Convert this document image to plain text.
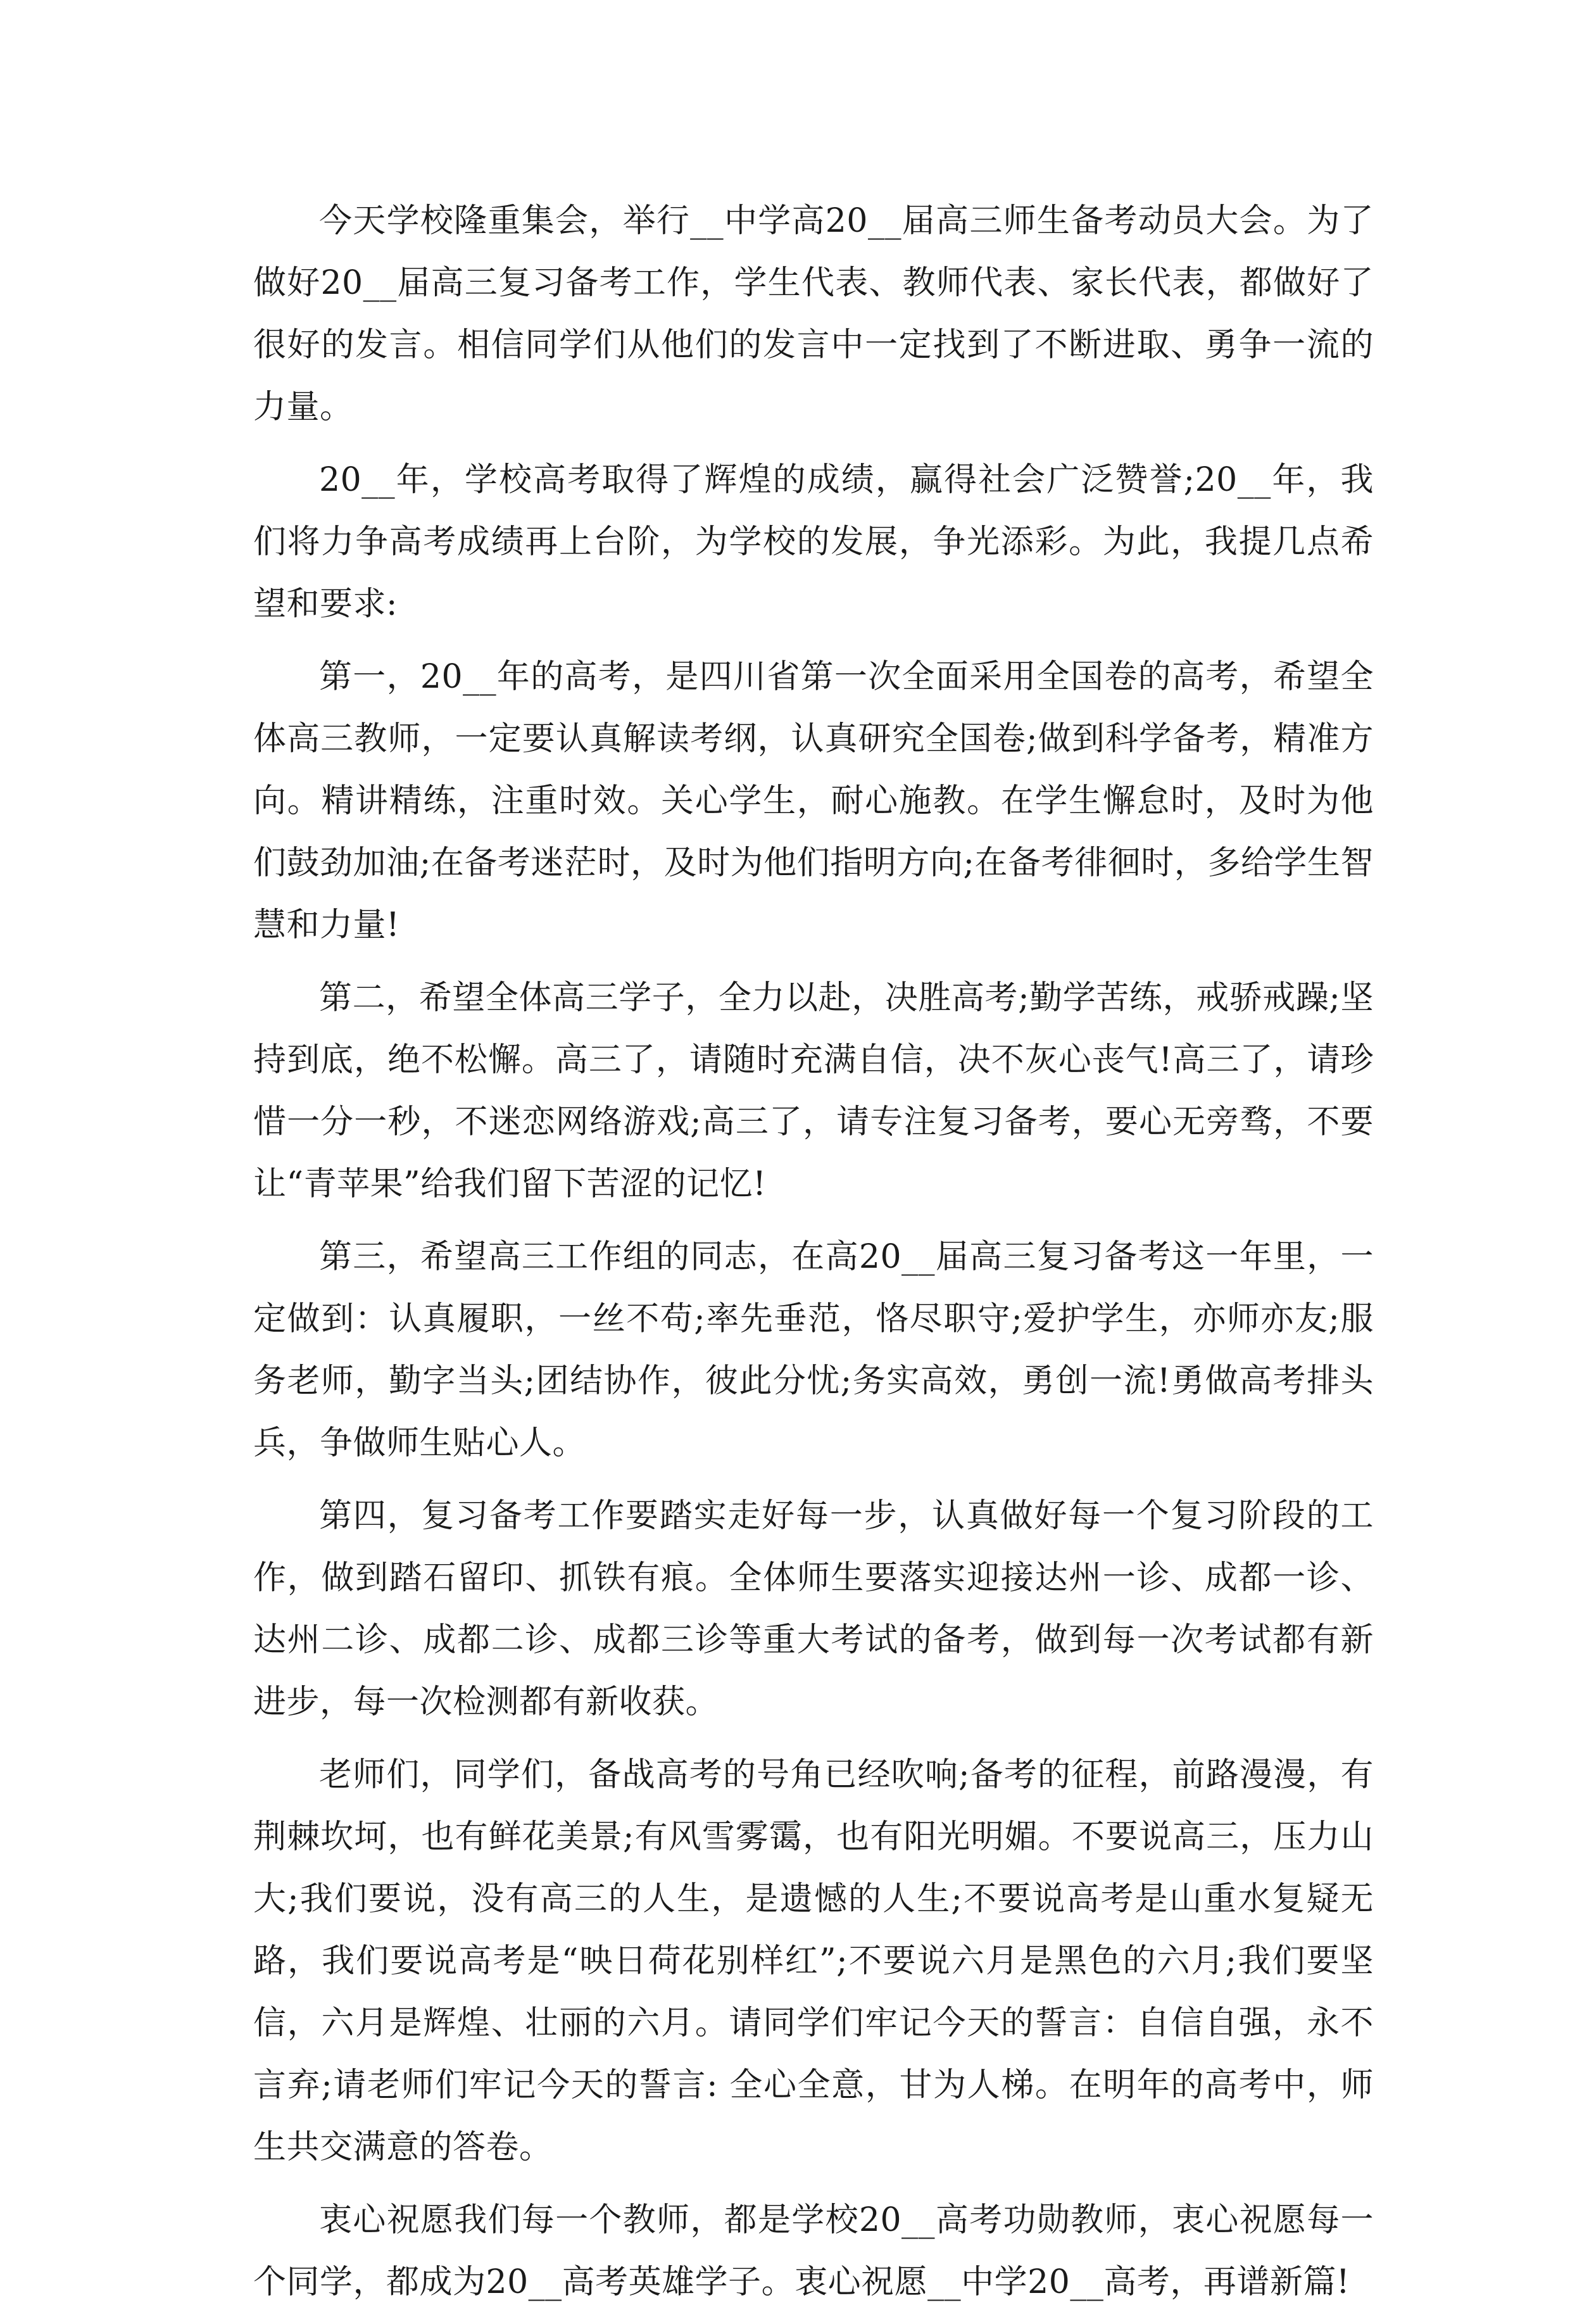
今天学校隆重集会，举行__中学高20__届高三师生备考动员大会。为了做好20__届高三复习备考工作，学生代表、教师代表、家长代表，都做好了很好的发言。相信同学们从他们的发言中一定找到了不断进取、勇争一流的力量。

20__年，学校高考取得了辉煌的成绩，赢得社会广泛赞誉;20__年，我们将力争高考成绩再上台阶，为学校的发展，争光添彩。为此，我提几点希望和要求:

第一，20__年的高考，是四川省第一次全面采用全国卷的高考，希望全体高三教师，一定要认真解读考纲，认真研究全国卷;做到科学备考，精准方向。精讲精练，注重时效。关心学生，耐心施教。在学生懈怠时，及时为他们鼓劲加油;在备考迷茫时，及时为他们指明方向;在备考徘徊时，多给学生智慧和力量!

第二，希望全体高三学子，全力以赴，决胜高考;勤学苦练，戒骄戒躁;坚持到底，绝不松懈。高三了，请随时充满自信，决不灰心丧气!高三了，请珍惜一分一秒，不迷恋网络游戏;高三了，请专注复习备考，要心无旁骛，不要让“青苹果”给我们留下苦涩的记忆!

第三，希望高三工作组的同志，在高20__届高三复习备考这一年里，一定做到：认真履职，一丝不苟;率先垂范，恪尽职守;爱护学生，亦师亦友;服务老师，勤字当头;团结协作，彼此分忧;务实高效，勇创一流!勇做高考排头兵，争做师生贴心人。

第四，复习备考工作要踏实走好每一步，认真做好每一个复习阶段的工作，做到踏石留印、抓铁有痕。全体师生要落实迎接达州一诊、成都一诊、达州二诊、成都二诊、成都三诊等重大考试的备考，做到每一次考试都有新进步，每一次检测都有新收获。

老师们，同学们，备战高考的号角已经吹响;备考的征程，前路漫漫，有荆棘坎坷，也有鲜花美景;有风雪雾霭，也有阳光明媚。不要说高三，压力山大;我们要说，没有高三的人生，是遗憾的人生;不要说高考是山重水复疑无路，我们要说高考是“映日荷花别样红”;不要说六月是黑色的六月;我们要坚信，六月是辉煌、壮丽的六月。请同学们牢记今天的誓言：自信自强，永不言弃;请老师们牢记今天的誓言: 全心全意，甘为人梯。在明年的高考中，师生共交满意的答卷。

衷心祝愿我们每一个教师，都是学校20__高考功勋教师，衷心祝愿每一个同学，都成为20__高考英雄学子。衷心祝愿__中学20__高考，再谱新篇!
